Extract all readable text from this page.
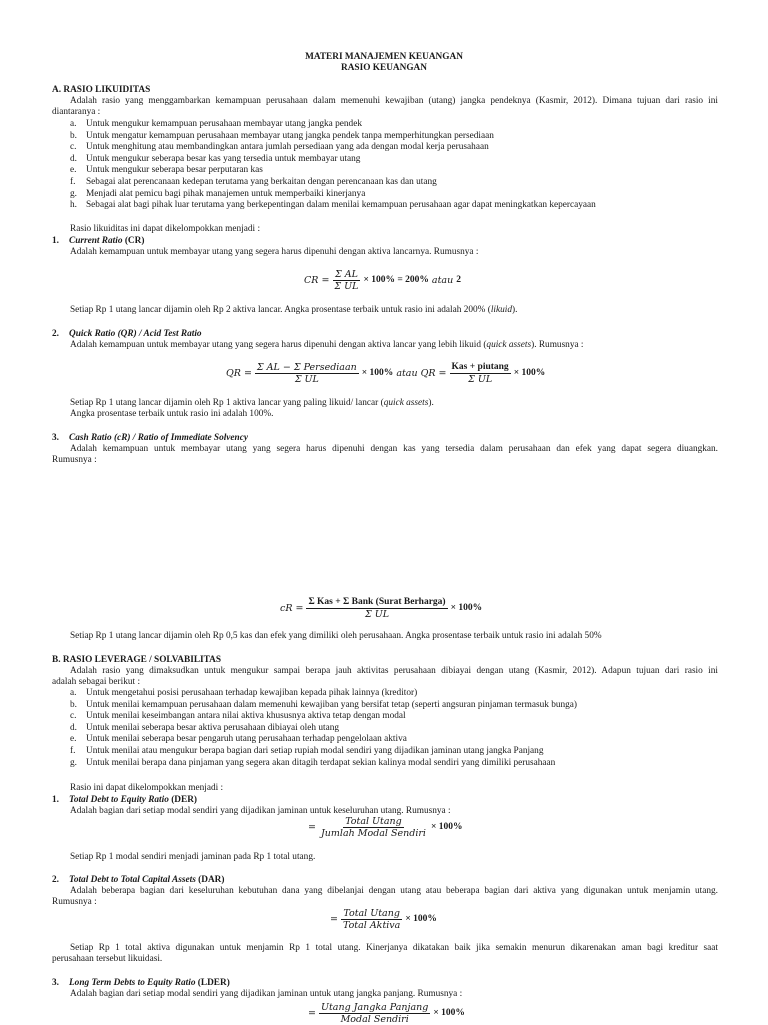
MATERI MANAJEMEN KEUANGAN
RASIO KEUANGAN
A. RASIO LIKUIDITAS
Adalah rasio yang menggambarkan kemampuan perusahaan dalam memenuhi kewajiban (utang) jangka pendeknya (Kasmir, 2012). Dimana tujuan dari rasio ini
diantaranya :
a. Untuk mengukur kemampuan perusahaan membayar utang jangka pendek
b. Untuk mengatur kemampuan perusahaan membayar utang jangka pendek tanpa memperhitungkan persediaan
c. Untuk menghitung atau membandingkan antara jumlah persediaan yang ada dengan modal kerja perusahaan
d. Untuk mengukur seberapa besar kas yang tersedia untuk membayar utang
e. Untuk mengukur seberapa besar perputaran kas
f. Sebagai alat perencanaan kedepan terutama yang berkaitan dengan perencanaan kas dan utang
g. Menjadi alat pemicu bagi pihak manajemen untuk memperbaiki kinerjanya
h. Sebagai alat bagi pihak luar terutama yang berkepentingan dalam menilai kemampuan perusahaan agar dapat meningkatkan kepercayaan
Rasio likuiditas ini dapat dikelompokkan menjadi :
1. Current Ratio (CR)
Adalah kemampuan untuk membayar utang yang segera harus dipenuhi dengan aktiva lancarnya. Rumusnya :
CR = $\frac{\text{Σ AL}}{\text{Σ UL}} \times 100\% = 200\%$ atau 2
Setiap Rp 1 utang lancar dijamin oleh Rp 2 aktiva lancar. Angka prosentase terbaik untuk rasio ini adalah 200% (likuid).
2. Quick Ratio (QR) / Acid Test Ratio
Adalah kemampuan untuk membayar utang yang segera harus dipenuhi dengan aktiva lancar yang lebih likuid (quick assets). Rumusnya :
QR = $\frac{\text{Σ AL − Σ Persediaan}}{\text{Σ UL}} \times 100\%$ atau QR = $\frac{\text{Kas + piutang}}{\text{Σ UL}} \times 100\%$
Setiap Rp 1 utang lancar dijamin oleh Rp 1 aktiva lancar yang paling likuid/ lancar (quick assets).
Angka prosentase terbaik untuk rasio ini adalah 100%.
3. Cash Ratio (cR) / Ratio of Immediate Solvency
Adalah kemampuan untuk membayar utang yang segera harus dipenuhi dengan kas yang tersedia dalam perusahaan dan efek yang dapat segera diuangkan.
Rumusnya :
cR = $\frac{\text{Σ Kas + Σ Bank (Surat Berharga)}}{\text{Σ UL}} \times 100\%$
Setiap Rp 1 utang lancar dijamin oleh Rp 0,5 kas dan efek yang dimiliki oleh perusahaan. Angka prosentase terbaik untuk rasio ini adalah 50%
B. RASIO LEVERAGE / SOLVABILITAS
Adalah rasio yang dimaksudkan untuk mengukur sampai berapa jauh aktivitas perusahaan dibiayai dengan utang (Kasmir, 2012). Adapun tujuan dari rasio ini
adalah sebagai berikut :
a. Untuk mengetahui posisi perusahaan terhadap kewajiban kepada pihak lainnya (kreditor)
b. Untuk menilai kemampuan perusahaan dalam memenuhi kewajiban yang bersifat tetap (seperti angsuran pinjaman termasuk bunga)
c. Untuk menilai keseimbangan antara nilai aktiva khususnya aktiva tetap dengan modal
d. Untuk menilai seberapa besar aktiva perusahaan dibiayai oleh utang
e. Untuk menilai seberapa besar pengaruh utang perusahaan terhadap pengelolaan aktiva
f. Untuk menilai atau mengukur berapa bagian dari setiap rupiah modal sendiri yang dijadikan jaminan utang jangka Panjang
g. Untuk menilai berapa dana pinjaman yang segera akan ditagih terdapat sekian kalinya modal sendiri yang dimiliki perusahaan
Rasio ini dapat dikelompokkan menjadi :
1. Total Debt to Equity Ratio (DER)
Adalah bagian dari setiap modal sendiri yang dijadikan jaminan untuk keseluruhan utang. Rumusnya :
= $\frac{\text{Total Utang}}{\text{Jumlah Modal Sendiri}} \times 100\%$
Setiap Rp 1 modal sendiri menjadi jaminan pada Rp 1 total utang.
2. Total Debt to Total Capital Assets (DAR)
Adalah beberapa bagian dari keseluruhan kebutuhan dana yang dibelanjai dengan utang atau beberapa bagian dari aktiva yang digunakan untuk menjamin utang.
Rumusnya :
= $\frac{\text{Total Utang}}{\text{Total Aktiva}} \times 100\%$
Setiap Rp 1 total aktiva digunakan untuk menjamin Rp 1 total utang. Kinerjanya dikatakan baik jika semakin menurun dikarenakan aman bagi kreditur saat
perusahaan tersebut likuidasi.
3. Long Term Debts to Equity Ratio (LDER)
Adalah bagian dari setiap modal sendiri yang dijadikan jaminan untuk utang jangka panjang. Rumusnya :
= $\frac{\text{Utang Jangka Panjang}}{\text{Modal Sendiri}} \times 100\%$
